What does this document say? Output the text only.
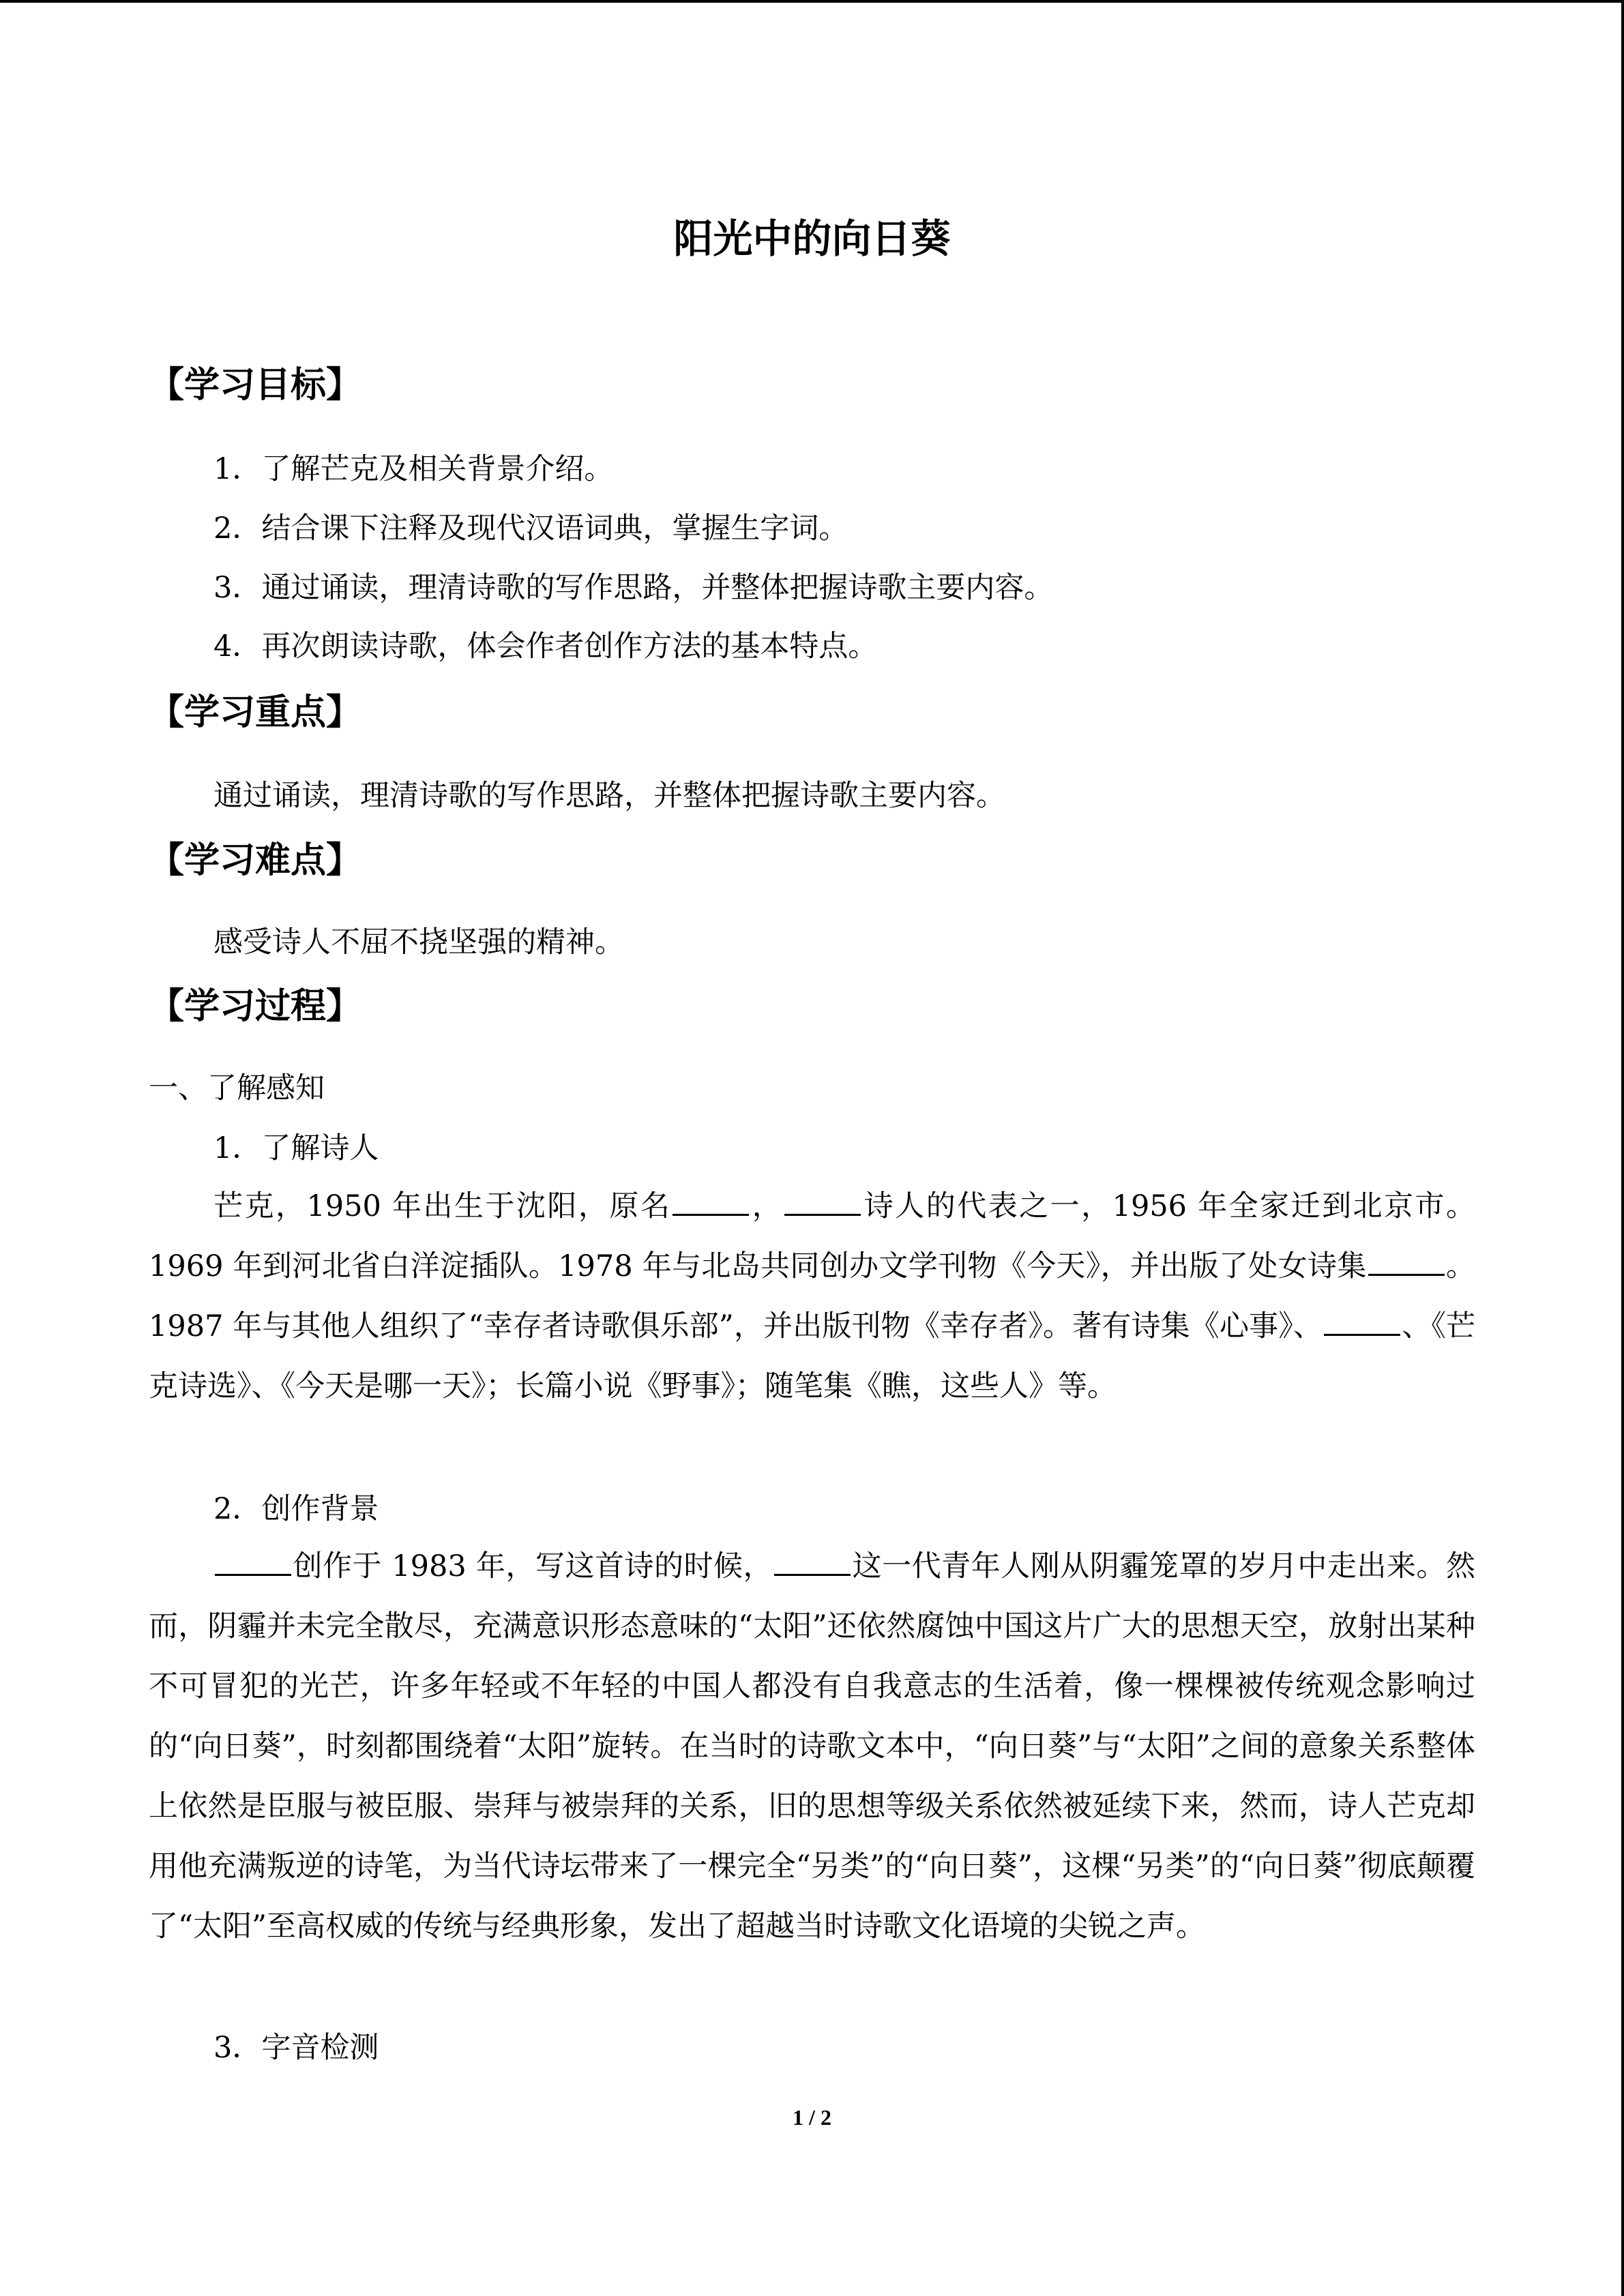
阳光中的向日葵
【学习目标】

1．了解芒克及相关背景介绍。

2．结合课下注释及现代汉语词典，掌握生字词。

3．通过诵读，理清诗歌的写作思路，并整体把握诗歌主要内容。

4．再次朗读诗歌，体会作者创作方法的基本特点。

【学习重点】

通过诵读，理清诗歌的写作思路，并整体把握诗歌主要内容。

【学习难点】

感受诗人不屈不挠坚强的精神。

【学习过程】

一、了解感知

1．了解诗人

芒克，1950 年出生于沈阳，原名	，	诗人的代表之一，1956 年全家迁到北京市。1969 年到河北省白洋淀插队。1978 年与北岛共同创办文学刊物《今天》，并出版了处女诗集	。1987 年与其他人组织了“幸存者诗歌俱乐部”，并出版刊物《幸存者》。著有诗集《心事》、	、《芒克诗选》、《今天是哪一天》；长篇小说《野事》；随笔集《瞧，这些人》等。

2．创作背景

创作于 1983 年，写这首诗的时候，	这一代青年人刚从阴霾笼罩的岁月中走出来。然而，阴霾并未完全散尽，充满意识形态意味的“太阳”还依然腐蚀中国这片广大的思想天空，放射出某种不可冒犯的光芒，许多年轻或不年轻的中国人都没有自我意志的生活着，像一棵棵被传统观念影响过的“向日葵”，时刻都围绕着“太阳”旋转。在当时的诗歌文本中，“向日葵”与“太阳”之间的意象关系整体上依然是臣服与被臣服、崇拜与被崇拜的关系，旧的思想等级关系依然被延续下来，然而，诗人芒克却用他充满叛逆的诗笔，为当代诗坛带来了一棵完全“另类”的“向日葵”，这棵“另类”的“向日葵”彻底颠覆了“太阳”至高权威的传统与经典形象，发出了超越当时诗歌文化语境的尖锐之声。

3．字音检测

1 / 2
